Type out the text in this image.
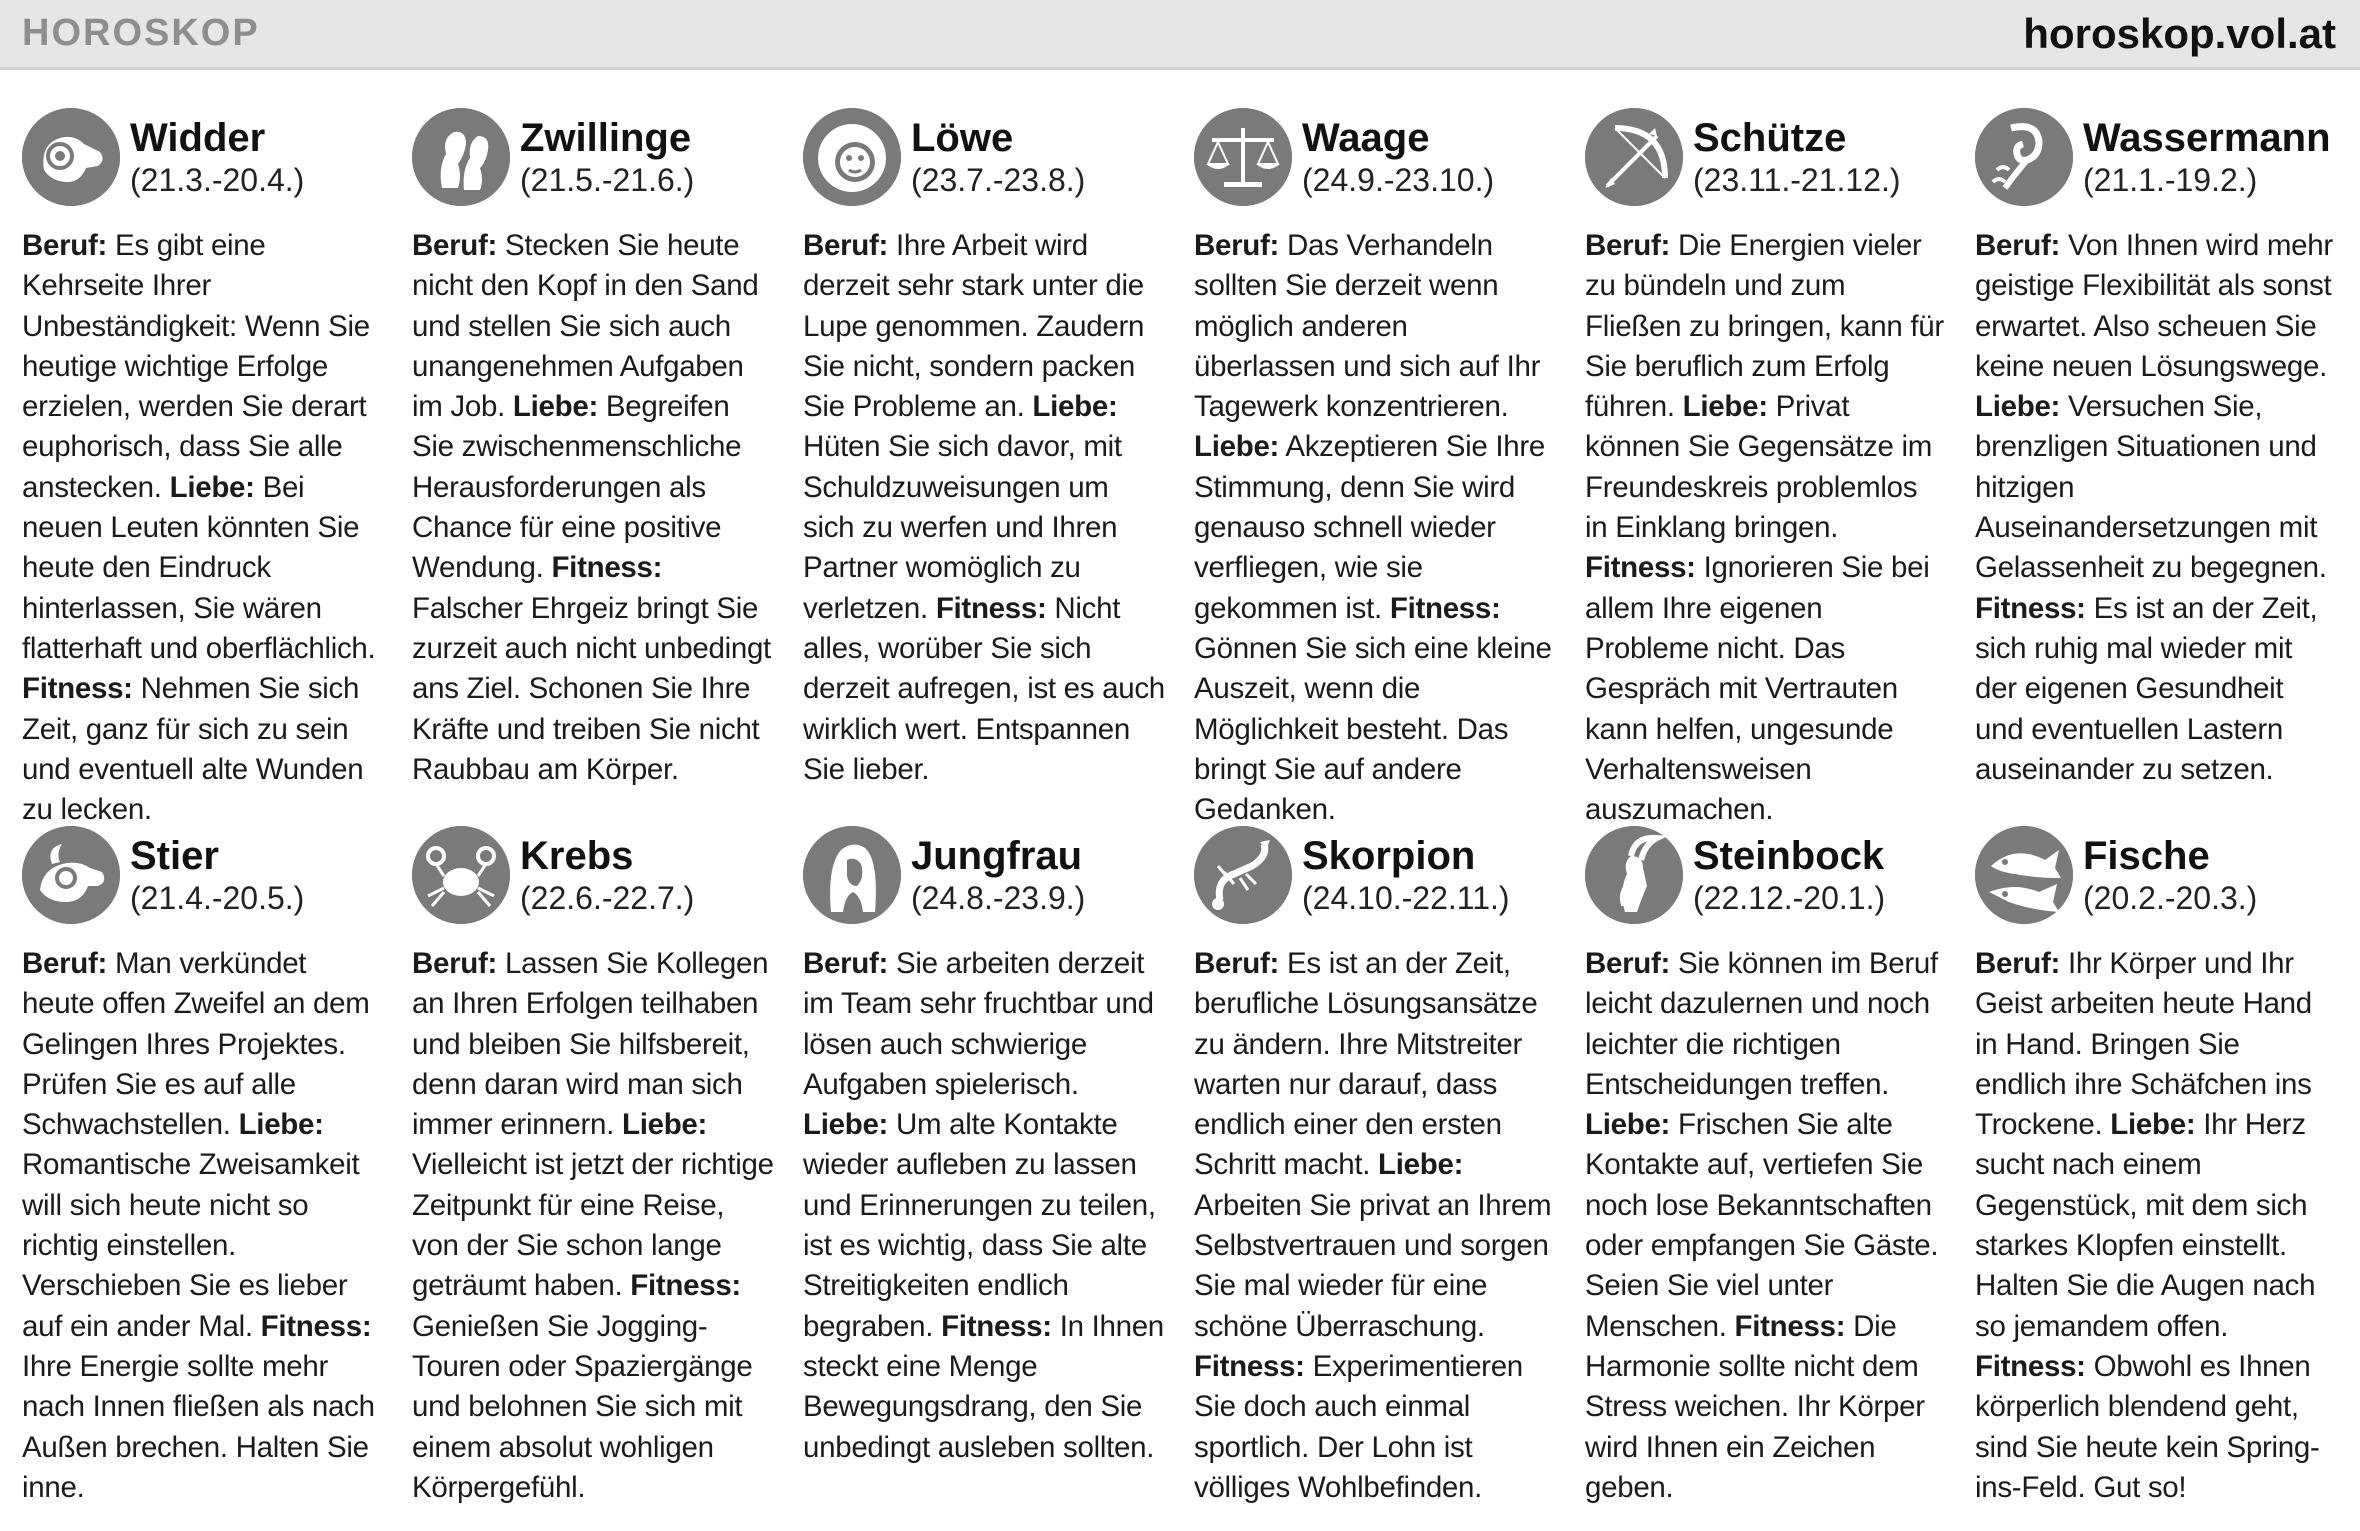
HOROSKOP	horoskop.vol.at
Widder
(21.3.-20.4.)
Beruf: Es gibt eine Kehrseite Ihrer Unbeständigkeit: Wenn Sie heutige wichtige Erfolge erzielen, werden Sie derart euphorisch, dass Sie alle anstecken. Liebe: Bei neuen Leuten könnten Sie heute den Eindruck hinterlassen, Sie wären flatterhaft und oberflächlich. Fitness: Nehmen Sie sich Zeit, ganz für sich zu sein und eventuell alte Wunden zu lecken.
Zwillinge
(21.5.-21.6.)
Beruf: Stecken Sie heute nicht den Kopf in den Sand und stellen Sie sich auch unangenehmen Aufgaben im Job. Liebe: Begreifen Sie zwischenmenschliche Herausforderungen als Chance für eine positive Wendung. Fitness: Falscher Ehrgeiz bringt Sie zurzeit auch nicht unbedingt ans Ziel. Schonen Sie Ihre Kräfte und treiben Sie nicht Raubbau am Körper.
Löwe
(23.7.-23.8.)
Beruf: Ihre Arbeit wird derzeit sehr stark unter die Lupe genommen. Zaudern Sie nicht, sondern packen Sie Probleme an. Liebe: Hüten Sie sich davor, mit Schuldzuweisungen um sich zu werfen und Ihren Partner womöglich zu verletzen. Fitness: Nicht alles, worüber Sie sich derzeit aufregen, ist es auch wirklich wert. Entspannen Sie lieber.
Waage
(24.9.-23.10.)
Beruf: Das Verhandeln sollten Sie derzeit wenn möglich anderen überlassen und sich auf Ihr Tagewerk konzentrieren. Liebe: Akzeptieren Sie Ihre Stimmung, denn Sie wird genauso schnell wieder verfliegen, wie sie gekommen ist. Fitness: Gönnen Sie sich eine kleine Auszeit, wenn die Möglichkeit besteht. Das bringt Sie auf andere Gedanken.
Schütze
(23.11.-21.12.)
Beruf: Die Energien vieler zu bündeln und zum Fließen zu bringen, kann für Sie beruflich zum Erfolg führen. Liebe: Privat können Sie Gegensätze im Freundeskreis problemlos in Einklang bringen. Fitness: Ignorieren Sie bei allem Ihre eigenen Probleme nicht. Das Gespräch mit Vertrauten kann helfen, ungesunde Verhaltensweisen auszumachen.
Wassermann
(21.1.-19.2.)
Beruf: Von Ihnen wird mehr geistige Flexibilität als sonst erwartet. Also scheuen Sie keine neuen Lösungswege. Liebe: Versuchen Sie, brenzligen Situationen und hitzigen Auseinandersetzungen mit Gelassenheit zu begegnen. Fitness: Es ist an der Zeit, sich ruhig mal wieder mit der eigenen Gesundheit und eventuellen Lastern auseinander zu setzen.
Stier
(21.4.-20.5.)
Beruf: Man verkündet heute offen Zweifel an dem Gelingen Ihres Projektes. Prüfen Sie es auf alle Schwachstellen. Liebe: Romantische Zweisamkeit will sich heute nicht so richtig einstellen. Verschieben Sie es lieber auf ein ander Mal. Fitness: Ihre Energie sollte mehr nach Innen fließen als nach Außen brechen. Halten Sie inne.
Krebs
(22.6.-22.7.)
Beruf: Lassen Sie Kollegen an Ihren Erfolgen teilhaben und bleiben Sie hilfsbereit, denn daran wird man sich immer erinnern. Liebe: Vielleicht ist jetzt der richtige Zeitpunkt für eine Reise, von der Sie schon lange geträumt haben. Fitness: Genießen Sie Jogging-Touren oder Spaziergänge und belohnen Sie sich mit einem absolut wohligen Körpergefühl.
Jungfrau
(24.8.-23.9.)
Beruf: Sie arbeiten derzeit im Team sehr fruchtbar und lösen auch schwierige Aufgaben spielerisch. Liebe: Um alte Kontakte wieder aufleben zu lassen und Erinnerungen zu teilen, ist es wichtig, dass Sie alte Streitigkeiten endlich begraben. Fitness: In Ihnen steckt eine Menge Bewegungsdrang, den Sie unbedingt ausleben sollten.
Skorpion
(24.10.-22.11.)
Beruf: Es ist an der Zeit, berufliche Lösungsansätze zu ändern. Ihre Mitstreiter warten nur darauf, dass endlich einer den ersten Schritt macht. Liebe: Arbeiten Sie privat an Ihrem Selbstvertrauen und sorgen Sie mal wieder für eine schöne Überraschung. Fitness: Experimentieren Sie doch auch einmal sportlich. Der Lohn ist völliges Wohlbefinden.
Steinbock
(22.12.-20.1.)
Beruf: Sie können im Beruf leicht dazulernen und noch leichter die richtigen Entscheidungen treffen. Liebe: Frischen Sie alte Kontakte auf, vertiefen Sie noch lose Bekanntschaften oder empfangen Sie Gäste. Seien Sie viel unter Menschen. Fitness: Die Harmonie sollte nicht dem Stress weichen. Ihr Körper wird Ihnen ein Zeichen geben.
Fische
(20.2.-20.3.)
Beruf: Ihr Körper und Ihr Geist arbeiten heute Hand in Hand. Bringen Sie endlich ihre Schäfchen ins Trockene. Liebe: Ihr Herz sucht nach einem Gegenstück, mit dem sich starkes Klopfen einstellt. Halten Sie die Augen nach so jemandem offen. Fitness: Obwohl es Ihnen körperlich blendend geht, sind Sie heute kein Spring-ins-Feld. Gut so!
